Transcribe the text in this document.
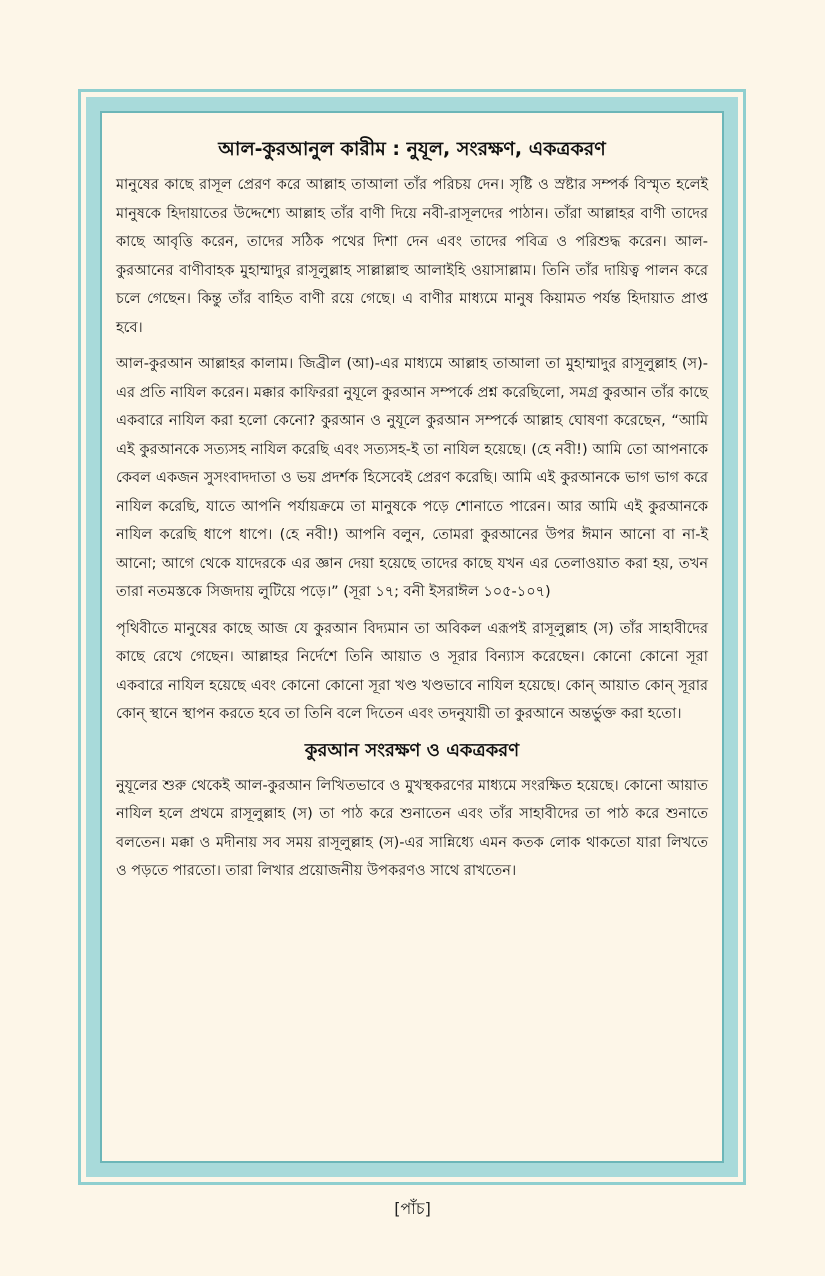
আল-কুরআনুল কারীম : নুযূল, সংরক্ষণ, একত্রকরণ

মানুষের কাছে রাসূল প্রেরণ করে আল্লাহ তাআলা তাঁর পরিচয় দেন। সৃষ্টি ও স্রষ্টার সম্পর্ক বিস্মৃত হলেই মানুষকে হিদায়াতের উদ্দেশ্যে আল্লাহ তাঁর বাণী দিয়ে নবী-রাসূলদের পাঠান। তাঁরা আল্লাহর বাণী তাদের কাছে আবৃত্তি করেন, তাদের সঠিক পথের দিশা দেন এবং তাদের পবিত্র ও পরিশুদ্ধ করেন। আল-কুরআনের বাণীবাহক মুহাম্মাদুর রাসূলুল্লাহ সাল্লাল্লাহু আলাইহি ওয়াসাল্লাম। তিনি তাঁর দায়িত্ব পালন করে চলে গেছেন। কিন্তু তাঁর বাহিত বাণী রয়ে গেছে। এ বাণীর মাধ্যমে মানুষ কিয়ামত পর্যন্ত হিদায়াত প্রাপ্ত হবে।

আল-কুরআন আল্লাহর কালাম। জিব্রীল (আ)-এর মাধ্যমে আল্লাহ তাআলা তা মুহাম্মাদুর রাসূলুল্লাহ (স)-এর প্রতি নাযিল করেন। মক্কার কাফিররা নুযূলে কুরআন সম্পর্কে প্রশ্ন করেছিলো, সমগ্র কুরআন তাঁর কাছে একবারে নাযিল করা হলো কেনো? কুরআন ও নুযূলে কুরআন সম্পর্কে আল্লাহ ঘোষণা করেছেন, “আমি এই কুরআনকে সত্যসহ নাযিল করেছি এবং সত্যসহ-ই তা নাযিল হয়েছে। (হে নবী!) আমি তো আপনাকে কেবল একজন সুসংবাদদাতা ও ভয় প্রদর্শক হিসেবেই প্রেরণ করেছি। আমি এই কুরআনকে ভাগ ভাগ করে নাযিল করেছি, যাতে আপনি পর্যায়ক্রমে তা মানুষকে পড়ে শোনাতে পারেন। আর আমি এই কুরআনকে নাযিল করেছি ধাপে ধাপে। (হে নবী!) আপনি বলুন, তোমরা কুরআনের উপর ঈমান আনো বা না-ই আনো; আগে থেকে যাদেরকে এর জ্ঞান দেয়া হয়েছে তাদের কাছে যখন এর তেলাওয়াত করা হয়, তখন তারা নতমস্তকে সিজদায় লুটিয়ে পড়ে।” (সূরা ১৭; বনী ইসরাঈল ১০৫-১০৭)

পৃথিবীতে মানুষের কাছে আজ যে কুরআন বিদ্যমান তা অবিকল এরূপই রাসূলুল্লাহ (স) তাঁর সাহাবীদের কাছে রেখে গেছেন। আল্লাহর নির্দেশে তিনি আয়াত ও সূরার বিন্যাস করেছেন। কোনো কোনো সূরা একবারে নাযিল হয়েছে এবং কোনো কোনো সূরা খণ্ড খণ্ডভাবে নাযিল হয়েছে। কোন্ আয়াত কোন্ সূরার কোন্ স্থানে স্থাপন করতে হবে তা তিনি বলে দিতেন এবং তদনুযায়ী তা কুরআনে অন্তর্ভুক্ত করা হতো।

কুরআন সংরক্ষণ ও একত্রকরণ

নুযূলের শুরু থেকেই আল-কুরআন লিখিতভাবে ও মুখস্থকরণের মাধ্যমে সংরক্ষিত হয়েছে। কোনো আয়াত নাযিল হলে প্রথমে রাসূলুল্লাহ (স) তা পাঠ করে শুনাতেন এবং তাঁর সাহাবীদের তা পাঠ করে শুনাতে বলতেন। মক্কা ও মদীনায় সব সময় রাসূলুল্লাহ (স)-এর সান্নিধ্যে এমন কতক লোক থাকতো যারা লিখতে ও পড়তে পারতো। তারা লিখার প্রয়োজনীয় উপকরণও সাথে রাখতেন।

[পাঁচ]
